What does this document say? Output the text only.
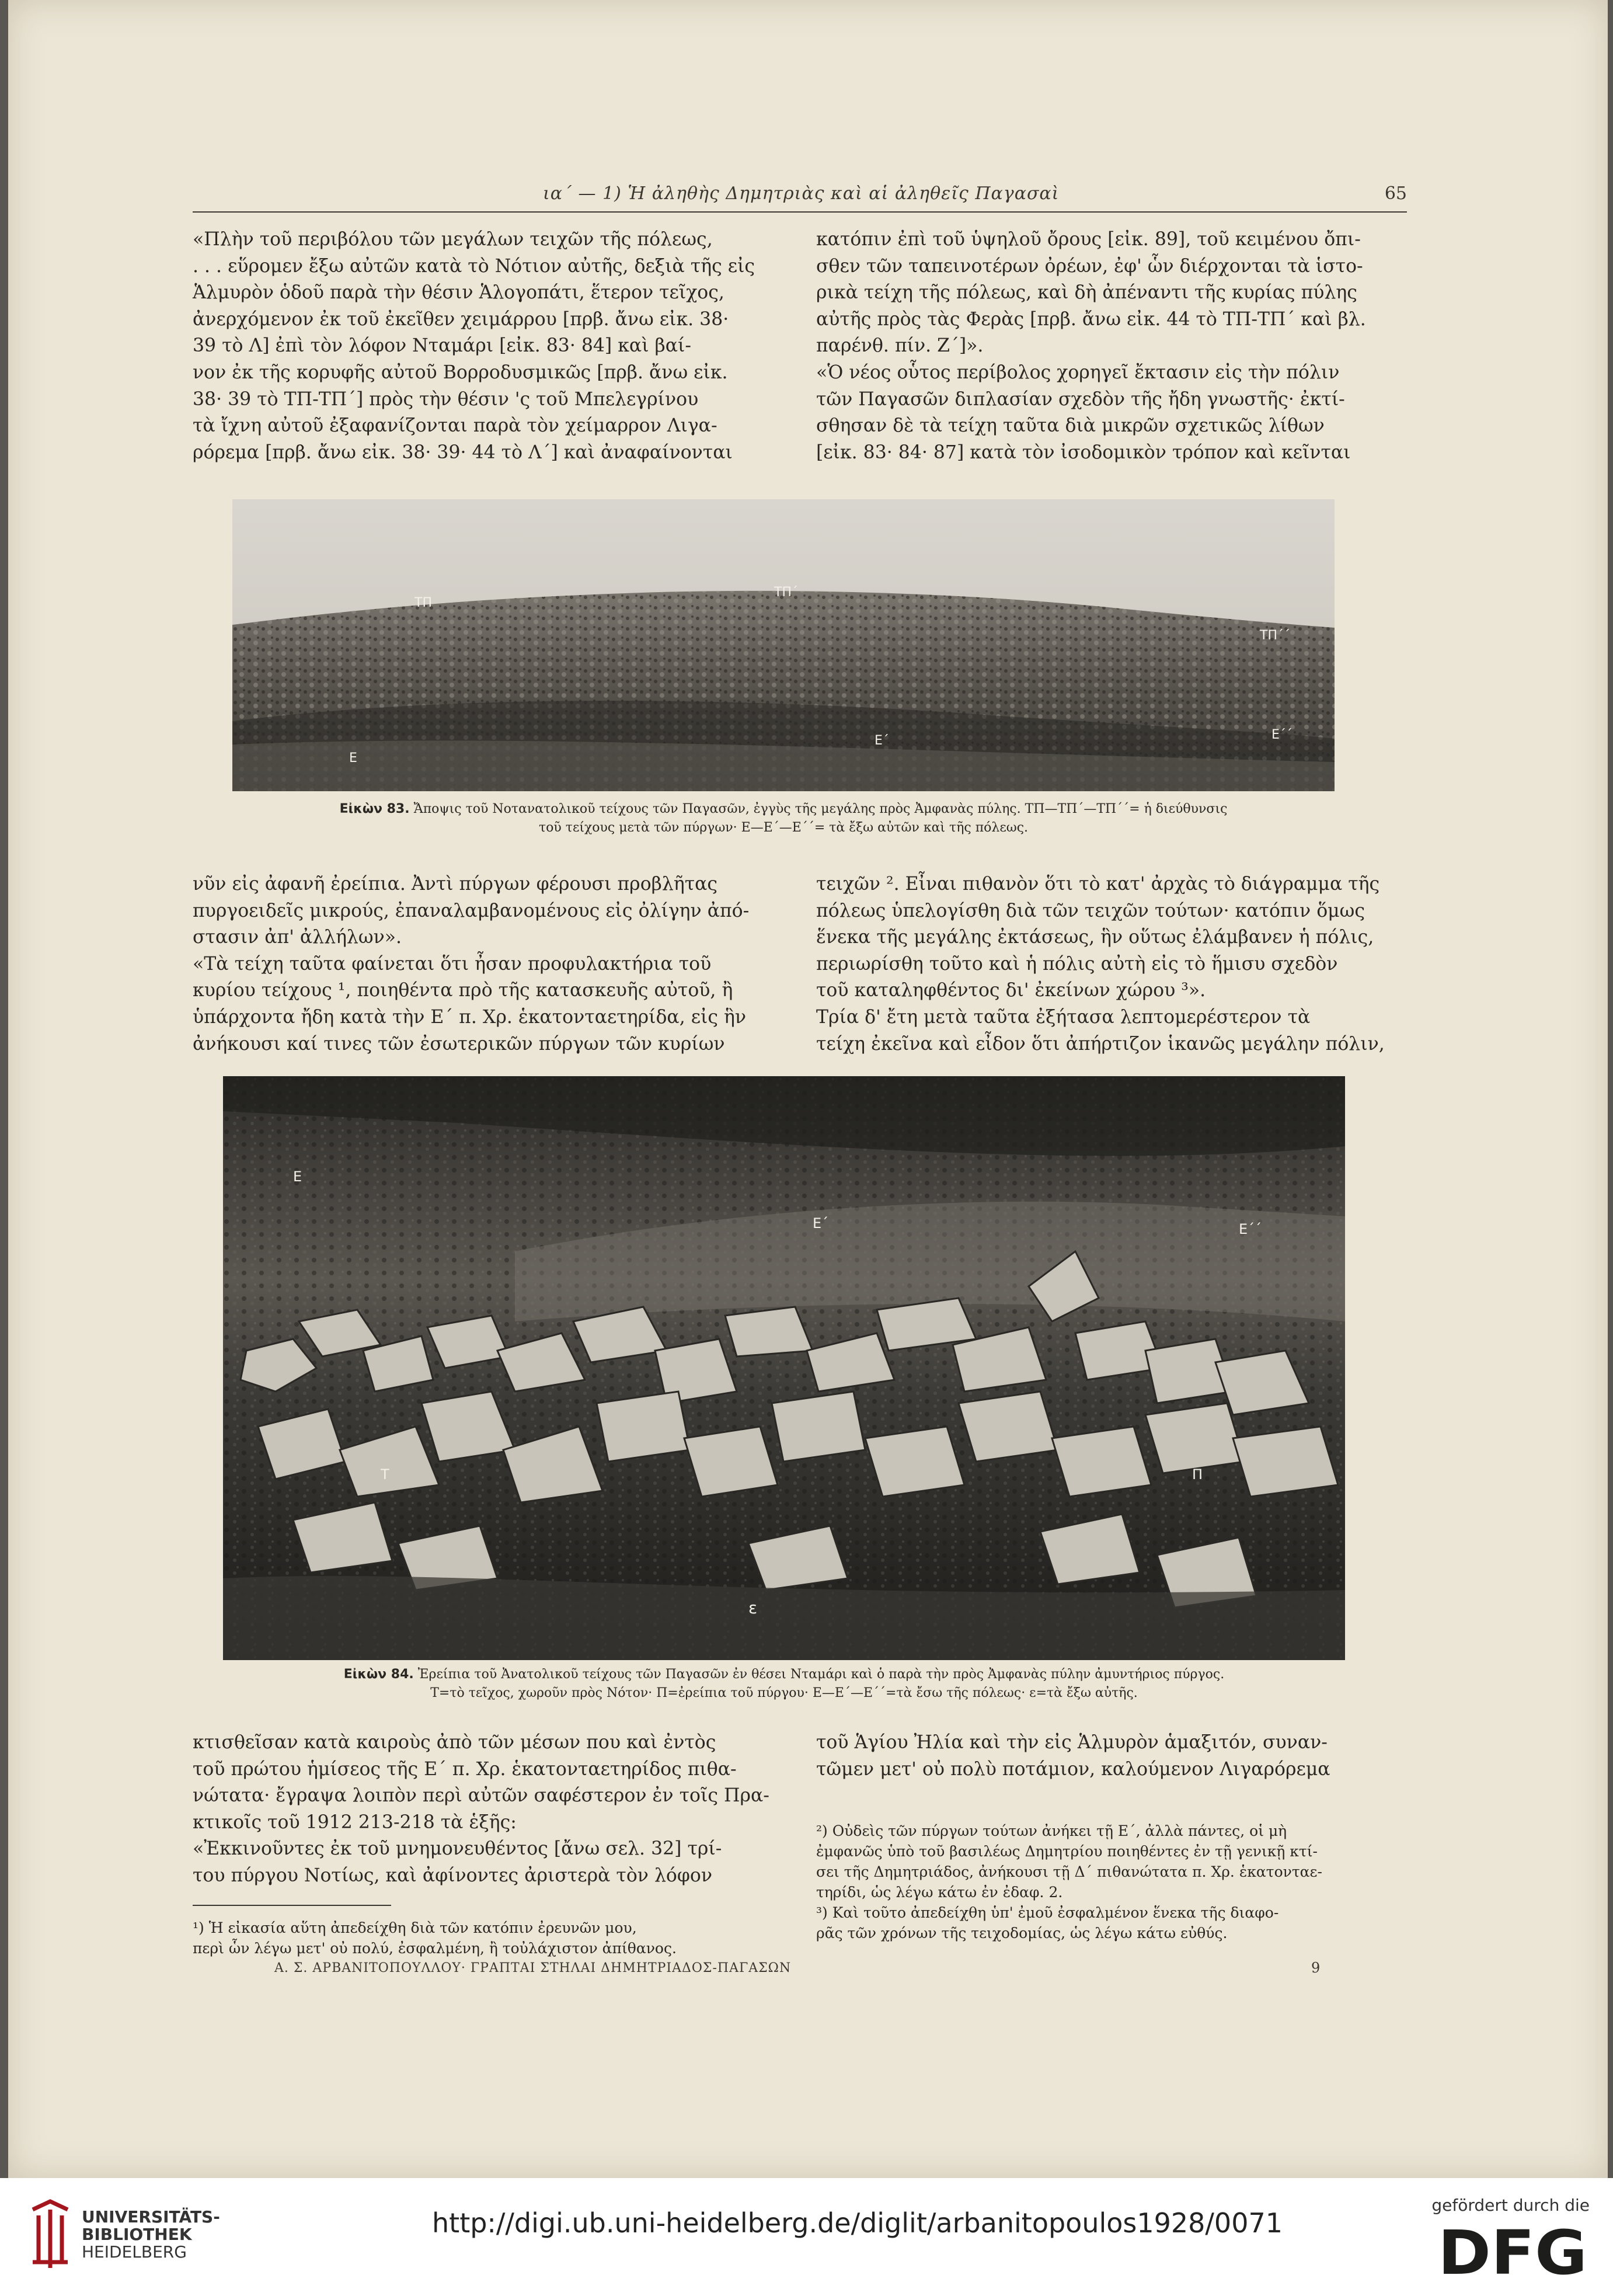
ια΄ — 1) Ἡ ἀληθὴς Δημητριὰς καὶ αἱ ἀληθεῖς Παγασαὶ	65
«Πλὴν τοῦ περιβόλου τῶν μεγάλων τειχῶν τῆς πόλεως,
. . . εὕρομεν ἔξω αὐτῶν κατὰ τὸ Νότιον αὐτῆς, δεξιὰ τῆς εἰς
Ἁλμυρὸν ὁδοῦ παρὰ τὴν θέσιν Ἁλογοπάτι, ἕτερον τεῖχος,
ἀνερχόμενον ἐκ τοῦ ἐκεῖθεν χειμάρρου [πρβ. ἄνω εἰκ. 38·
39 τὸ Λ] ἐπὶ τὸν λόφον Νταμάρι [εἰκ. 83· 84] καὶ βαί-
νον ἐκ τῆς κορυφῆς αὐτοῦ Βορροδυσμικῶς [πρβ. ἄνω εἰκ.
38· 39 τὸ ΤΠ-ΤΠ΄] πρὸς τὴν θέσιν 'ς τοῦ Μπελεγρίνου
τὰ ἴχνη αὐτοῦ ἐξαφανίζονται παρὰ τὸν χείμαρρον Λιγα-
ρόρεμα [πρβ. ἄνω εἰκ. 38· 39· 44 τὸ Λ΄] καὶ ἀναφαίνονται
κατόπιν ἐπὶ τοῦ ὑψηλοῦ ὄρους [εἰκ. 89], τοῦ κειμένου ὄπι-
σθεν τῶν ταπεινοτέρων ὀρέων, ἐφ' ὧν διέρχονται τὰ ἱστο-
ρικὰ τείχη τῆς πόλεως, καὶ δὴ ἀπέναντι τῆς κυρίας πύλης
αὐτῆς πρὸς τὰς Φερὰς [πρβ. ἄνω εἰκ. 44 τὸ ΤΠ-ΤΠ΄ καὶ βλ.
παρένθ. πίν. Ζ΄]».
«Ὁ νέος οὗτος περίβολος χορηγεῖ ἔκτασιν εἰς τὴν πόλιν
τῶν Παγασῶν διπλασίαν σχεδὸν τῆς ἤδη γνωστῆς· ἐκτί-
σθησαν δὲ τὰ τείχη ταῦτα διὰ μικρῶν σχετικῶς λίθων
[εἰκ. 83· 84· 87] κατὰ τὸν ἰσοδομικὸν τρόπον καὶ κεῖνται
ΤΠ
ΤΠ΄
ΤΠ΄΄
Ε
Ε΄	Ε΄΄
Εἰκὼν 83. Ἄποψις τοῦ Νοτανατολικοῦ τείχους τῶν Παγασῶν, ἐγγὺς τῆς μεγάλης πρὸς Ἀμφανὰς πύλης. ΤΠ—ΤΠ΄—ΤΠ΄΄= ἡ διεύθυνσις
τοῦ τείχους μετὰ τῶν πύργων· Ε—Ε΄—Ε΄΄= τὰ ἔξω αὐτῶν καὶ τῆς πόλεως.
νῦν εἰς ἀφανῆ ἐρείπια. Ἀντὶ πύργων φέρουσι προβλῆτας
πυργοειδεῖς μικρούς, ἐπαναλαμβανομένους εἰς ὀλίγην ἀπό-
στασιν ἀπ' ἀλλήλων».
«Τὰ τείχη ταῦτα φαίνεται ὅτι ἦσαν προφυλακτήρια τοῦ
κυρίου τείχους ¹, ποιηθέντα πρὸ τῆς κατασκευῆς αὐτοῦ, ἢ
ὑπάρχοντα ἤδη κατὰ τὴν Ε΄ π. Χρ. ἑκατονταετηρίδα, εἰς ἣν
ἀνήκουσι καί τινες τῶν ἐσωτερικῶν πύργων τῶν κυρίων
τειχῶν ². Εἶναι πιθανὸν ὅτι τὸ κατ' ἀρχὰς τὸ διάγραμμα τῆς
πόλεως ὑπελογίσθη διὰ τῶν τειχῶν τούτων· κατόπιν ὅμως
ἕνεκα τῆς μεγάλης ἐκτάσεως, ἣν οὕτως ἐλάμβανεν ἡ πόλις,
περιωρίσθη τοῦτο καὶ ἡ πόλις αὐτὴ εἰς τὸ ἥμισυ σχεδὸν
τοῦ καταληφθέντος δι' ἐκείνων χώρου ³».
Τρία δ' ἔτη μετὰ ταῦτα ἐξήτασα λεπτομερέστερον τὰ
τείχη ἐκεῖνα καὶ εἶδον ὅτι ἀπήρτιζον ἱκανῶς μεγάλην πόλιν,
Ε
Ε΄	Ε΄΄
Τ	Π
ε
Εἰκὼν 84. Ἐρείπια τοῦ Ἀνατολικοῦ τείχους τῶν Παγασῶν ἐν θέσει Νταμάρι καὶ ὁ παρὰ τὴν πρὸς Ἀμφανὰς πύλην ἀμυντήριος πύργος.
Τ=τὸ τεῖχος, χωροῦν πρὸς Νότον· Π=ἐρείπια τοῦ πύργου· Ε—Ε΄—Ε΄΄=τὰ ἔσω τῆς πόλεως· ε=τὰ ἔξω αὐτῆς.
κτισθεῖσαν κατὰ καιροὺς ἀπὸ τῶν μέσων που καὶ ἐντὸς
τοῦ πρώτου ἡμίσεος τῆς Ε΄ π. Χρ. ἑκατονταετηρίδος πιθα-
νώτατα· ἔγραψα λοιπὸν περὶ αὐτῶν σαφέστερον ἐν τοῖς Πρα-
κτικοῖς τοῦ 1912 213-218 τὰ ἑξῆς:
«Ἐκκινοῦντες ἐκ τοῦ μνημονευθέντος [ἄνω σελ. 32] τρί-
του πύργου Νοτίως, καὶ ἀφίνοντες ἀριστερὰ τὸν λόφον
τοῦ Ἁγίου Ἠλία καὶ τὴν εἰς Ἁλμυρὸν ἁμαξιτόν, συναν-
τῶμεν μετ' οὐ πολὺ ποτάμιον, καλούμενον Λιγαρόρεμα
¹) Ἡ εἰκασία αὕτη ἀπεδείχθη διὰ τῶν κατόπιν ἐρευνῶν μου,
περὶ ὧν λέγω μετ' οὐ πολύ, ἐσφαλμένη, ἢ τοὐλάχιστον ἀπίθανος.
²) Οὐδεὶς τῶν πύργων τούτων ἀνήκει τῇ Ε΄, ἀλλὰ πάντες, οἱ μὴ
ἐμφανῶς ὑπὸ τοῦ βασιλέως Δημητρίου ποιηθέντες ἐν τῇ γενικῇ κτί-
σει τῆς Δημητριάδος, ἀνήκουσι τῇ Δ΄ πιθανώτατα π. Χρ. ἑκατονταε-
τηρίδι, ὡς λέγω κάτω ἐν ἐδαφ. 2.
³) Καὶ τοῦτο ἀπεδείχθη ὑπ' ἐμοῦ ἐσφαλμένον ἕνεκα τῆς διαφο-
ρᾶς τῶν χρόνων τῆς τειχοδομίας, ὡς λέγω κάτω εὐθύς.
Α. Σ. ΑΡΒΑΝΙΤΟΠΟΥΛΛΟΥ· ΓΡΑΠΤΑΙ ΣΤΗΛΑΙ ΔΗΜΗΤΡΙΑΔΟΣ-ΠΑΓΑΣΩΝ	9
UNIVERSITÄTS-
BIBLIOTHEK
HEIDELBERG
http://digi.ub.uni-heidelberg.de/diglit/arbanitopoulos1928/0071
gefördert durch die
DFG
